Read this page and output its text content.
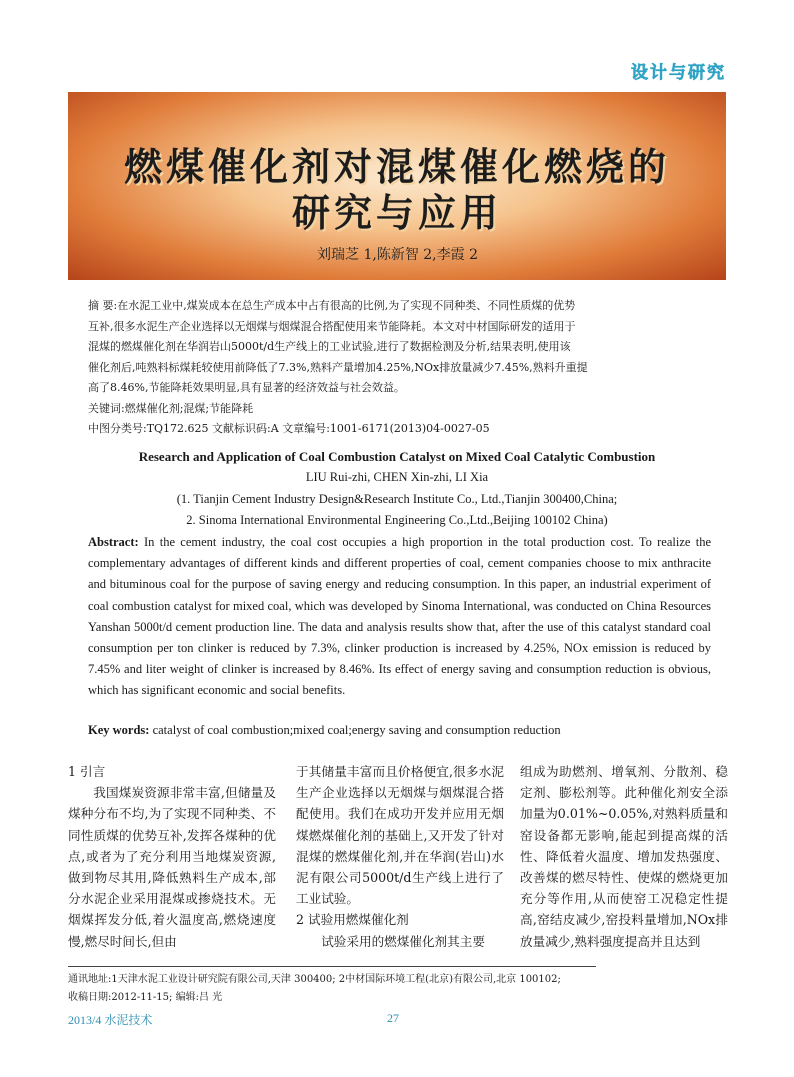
设计与研究
燃煤催化剂对混煤催化燃烧的
研究与应用
刘瑞芝 1,陈新智 2,李霞 2
摘 要:在水泥工业中,煤炭成本在总生产成本中占有很高的比例,为了实现不同种类、不同性质煤的优势
互补,很多水泥生产企业选择以无烟煤与烟煤混合搭配使用来节能降耗。本文对中材国际研发的适用于
混煤的燃煤催化剂在华润岩山5000t/d生产线上的工业试验,进行了数据检测及分析,结果表明,使用该
催化剂后,吨熟料标煤耗较使用前降低了7.3%,熟料产量增加4.25%,NOx排放量减少7.45%,熟料升重提
高了8.46%,节能降耗效果明显,具有显著的经济效益与社会效益。
关键词:燃煤催化剂;混煤;节能降耗
中图分类号:TQ172.625 文献标识码:A 文章编号:1001-6171(2013)04-0027-05
Research and Application of Coal Combustion Catalyst on Mixed Coal Catalytic Combustion
LIU Rui-zhi, CHEN Xin-zhi, LI Xia
(1. Tianjin Cement Industry Design&Research Institute Co., Ltd.,Tianjin 300400,China;
2. Sinoma International Environmental Engineering Co.,Ltd.,Beijing 100102 China)
Abstract: In the cement industry, the coal cost occupies a high proportion in the total production cost. To realize the complementary advantages of different kinds and different properties of coal, cement companies choose to mix anthracite and bituminous coal for the purpose of saving energy and reducing consumption. In this paper, an industrial experiment of coal combustion catalyst for mixed coal, which was developed by Sinoma International, was conducted on China Resources Yanshan 5000t/d cement production line. The data and analysis results show that, after the use of this catalyst standard coal consumption per ton clinker is reduced by 7.3%, clinker production is increased by 4.25%, NOx emission is reduced by 7.45% and liter weight of clinker is increased by 8.46%. Its effect of energy saving and consumption reduction is obvious, which has significant economic and social benefits.
Key words: catalyst of coal combustion;mixed coal;energy saving and consumption reduction

1 引言

我国煤炭资源非常丰富,但储量及煤种分布不均,为了实现不同种类、不同性质煤的优势互补,发挥各煤种的优点,或者为了充分利用当地煤炭资源,做到物尽其用,降低熟料生产成本,部分水泥企业采用混煤或掺烧技术。无烟煤挥发分低,着火温度高,燃烧速度慢,燃尽时间长,但由

于其储量丰富而且价格便宜,很多水泥生产企业选择以无烟煤与烟煤混合搭配使用。我们在成功开发并应用无烟煤燃煤催化剂的基础上,又开发了针对混煤的燃煤催化剂,并在华润(岩山)水泥有限公司5000t/d生产线上进行了工业试验。

2 试验用燃煤催化剂

试验采用的燃煤催化剂其主要

组成为助燃剂、增氧剂、分散剂、稳定剂、膨松剂等。此种催化剂安全添加量为0.01%~0.05%,对熟料质量和窑设备都无影响,能起到提高煤的活性、降低着火温度、增加发热强度、改善煤的燃尽特性、使煤的燃烧更加充分等作用,从而使窑工况稳定性提高,窑结皮减少,窑投料量增加,NOx排放量减少,熟料强度提高并且达到

通讯地址:1天津水泥工业设计研究院有限公司,天津 300400; 2中材国际环境工程(北京)有限公司,北京 100102;
收稿日期:2012-11-15; 编辑:吕 光
2013/4 水泥技术	27
